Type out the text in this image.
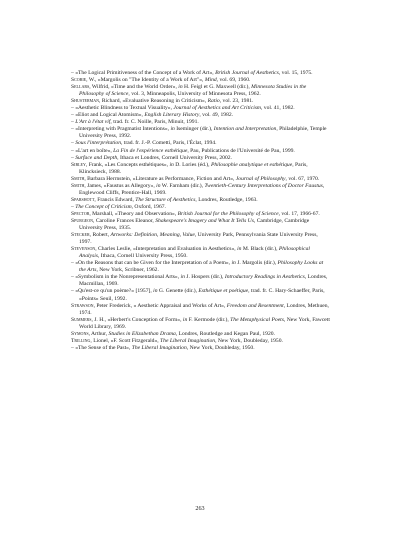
– «The Logical Primitiveness of the Concept of a Work of Art», British Journal of Aesthetics, vol. 15, 1975.
Scobie, W., «Margolis on "The Identity of a Work of Art"», Mind, vol. 69, 1960.
Sellars, Wilfrid, «Time and the World Order», in H. Feigl et G. Maxwell (dir.), Minnesota Studies in the Philosophy of Science, vol. 3, Minneapolis, University of Minnesota Press, 1962.
Shusterman, Richard, «Evaluative Reasoning in Criticism», Ratio, vol. 23, 1981.
– «Aesthetic Blindness to Textual Visuality», Journal of Aesthetics and Art Criticism, vol. 41, 1982.
– «Eliot and Logical Atomism», English Literary History, vol. 49, 1982.
– L'Art à l'état vif, trad. fr. C. Noille, Paris, Minuit, 1991.
– «Interpreting with Pragmatist Intentions», in Iseminger (dir.), Intention and Interpretation, Philadelphie, Temple University Press, 1992.
– Sous l'interprétation, trad. fr. J.-P. Cometti, Paris, l'Éclat, 1994.
– «L'art en boîte», La Fin de l'expérience esthétique, Pau, Publications de l'Université de Pau, 1999.
– Surface and Depth, Ithaca et Londres, Cornell University Press, 2002.
Sibley, Frank, «Les Concepts esthétiques», in D. Lories (éd.), Philosophie analytique et esthétique, Paris, Klincksieck, 1988.
Smith, Barbara Herrnstein, «Literature as Performance, Fiction and Art», Journal of Philosophy, vol. 67, 1970.
Smith, James, «Faustus as Allegory», in W. Farnham (dir.), Twentieth-Century Interpretations of Doctor Faustus, Englewood Cliffs, Prentice-Hall, 1969.
Sparshott, Francis Edward, The Structure of Aesthetics, Londres, Routledge, 1963.
– The Concept of Criticism, Oxford, 1967.
Spector, Marshall, «Theory and Observation», British Journal for the Philosophy of Science, vol. 17, 1966-67.
Spurgeon, Caroline Frances Eleanor, Shakespeare's Imagery and What It Tells Us, Cambridge, Cambridge University Press, 1935.
Stecker, Robert, Artworks: Definition, Meaning, Value, University Park, Pennsylvania State University Press, 1997.
Stevenson, Charles Leslie, «Interpretation and Evaluation in Aesthetics», in M. Black (dir.), Philosophical Analysis, Ithaca, Cornell University Press, 1950.
– «On the Reasons that can be Given for the Interpretation of a Poem», in J. Margolis (dir.), Philosophy Looks at the Arts, New York, Scribner, 1962.
– «Symbolism in the Nonrepresentational Arts», in J. Hospers (dir.), Introductory Readings in Aesthetics, Londres, Macmillan, 1969.
– «Qu'est-ce qu'un poème?» [1957], in G. Genette (dir.), Esthétique et poétique, trad. fr. C. Hary-Schaeffer, Paris, «Points» Seuil, 1992.
Strawson, Peter Frederick, « Aesthetic Appraisal and Works of Art», Freedom and Resentment, Londres, Methuen, 1974.
Summers, J. H., «Herbert's Conception of Form», in F. Kermode (dir.), The Metaphysical Poets, New York, Fawcett World Library, 1969.
Symons, Arthur, Studies in Elizabethan Drama, Londres, Routledge and Kegan Paul, 1920.
Trilling, Lionel, «F. Scott Fitzgerald», The Liberal Imagination, New York, Doubleday, 1950.
– «The Sense of the Past», The Liberal Imagination, New York, Doubleday, 1950.
263
